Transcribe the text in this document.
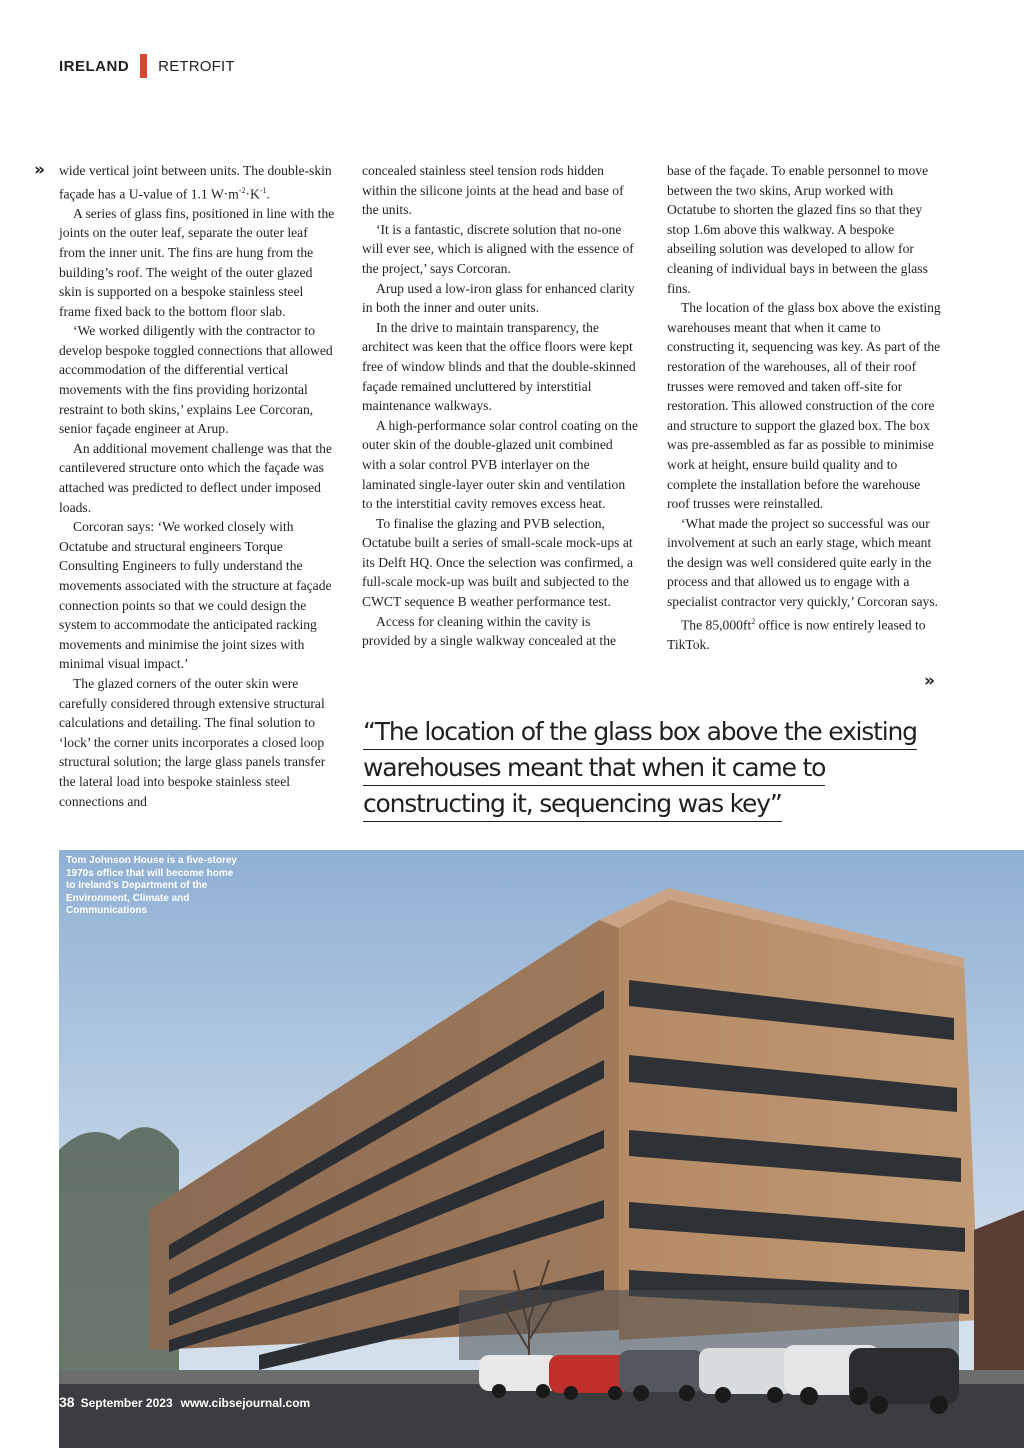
IRELAND RETROFIT
» wide vertical joint between units. The double-skin façade has a U-value of 1.1 $W\cdot m^{-2}\cdot K^{-1}$.

A series of glass fins, positioned in line with the joints on the outer leaf, separate the outer leaf from the inner unit. The fins are hung from the building’s roof. The weight of the outer glazed skin is supported on a bespoke stainless steel frame fixed back to the bottom floor slab.

‘We worked diligently with the contractor to develop bespoke toggled connections that allowed accommodation of the differential vertical movements with the fins providing horizontal restraint to both skins,’ explains Lee Corcoran, senior façade engineer at Arup.

An additional movement challenge was that the cantilevered structure onto which the façade was attached was predicted to deflect under imposed loads.

Corcoran says: ‘We worked closely with Octatube and structural engineers Torque Consulting Engineers to fully understand the movements associated with the structure at façade connection points so that we could design the system to accommodate the anticipated racking movements and minimise the joint sizes with minimal visual impact.’

The glazed corners of the outer skin were carefully considered through extensive structural calculations and detailing. The final solution to ‘lock’ the corner units incorporates a closed loop structural solution; the large glass panels transfer the lateral load into bespoke stainless steel connections and

concealed stainless steel tension rods hidden within the silicone joints at the head and base of the units.

‘It is a fantastic, discrete solution that no-one will ever see, which is aligned with the essence of the project,’ says Corcoran.

Arup used a low-iron glass for enhanced clarity in both the inner and outer units.

In the drive to maintain transparency, the architect was keen that the office floors were kept free of window blinds and that the double-skinned façade remained uncluttered by interstitial maintenance walkways.

A high-performance solar control coating on the outer skin of the double-glazed unit combined with a solar control PVB interlayer on the laminated single-layer outer skin and ventilation to the interstitial cavity removes excess heat.

To finalise the glazing and PVB selection, Octatube built a series of small-scale mock-ups at its Delft HQ. Once the selection was confirmed, a full-scale mock-up was built and subjected to the CWCT sequence B weather performance test.

Access for cleaning within the cavity is provided by a single walkway concealed at the

base of the façade. To enable personnel to move between the two skins, Arup worked with Octatube to shorten the glazed fins so that they stop 1.6m above this walkway. A bespoke abseiling solution was developed to allow for cleaning of individual bays in between the glass fins.

The location of the glass box above the existing warehouses meant that when it came to constructing it, sequencing was key. As part of the restoration of the warehouses, all of their roof trusses were removed and taken off-site for restoration. This allowed construction of the core and structure to support the glazed box. The box was pre-assembled as far as possible to minimise work at height, ensure build quality and to complete the installation before the warehouse roof trusses were reinstalled.

‘What made the project so successful was our involvement at such an early stage, which meant the design was well considered quite early in the process and that allowed us to engage with a specialist contractor very quickly,’ Corcoran says.

The $85,000ft^2$ office is now entirely leased to TikTok.

»
“The location of the glass box above the existing
warehouses meant that when it came to
constructing it, sequencing was key”
Tom Johnson House is a five-storey 1970s office that will become home to Ireland’s Department of the Environment, Climate and Communications
38 September 2023 www.cibsejournal.com
